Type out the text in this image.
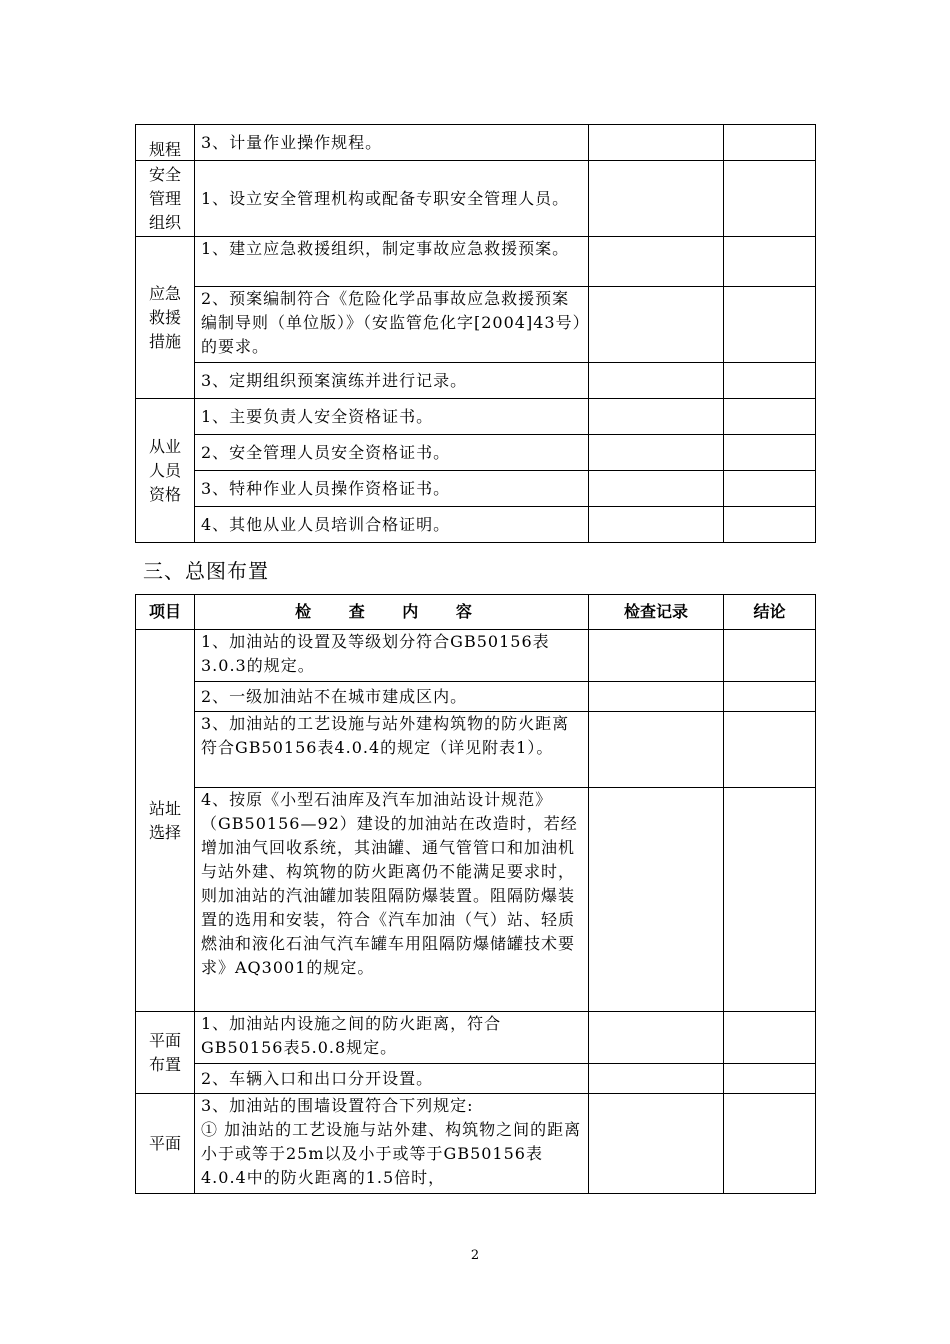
规程	3、计量作业操作规程。		

安全
管理
组织	1、设立安全管理机构或配备专职安全管理人员。		

应急
救援
措施	1、建立应急救援组织，制定事故应急救援预案。		
	2、预案编制符合《危险化学品事故应急救援预案编制导则（单位版）》（安监管危化字[2004]43号）的要求。		
	3、定期组织预案演练并进行记录。		

从业
人员
资格	1、主要负责人安全资格证书。		
	2、安全管理人员安全资格证书。		
	3、特种作业人员操作资格证书。		
	4、其他从业人员培训合格证明。		
三、总图布置
项目	检 查 内 容	检查记录	结论

站址
选择	1、加油站的设置及等级划分符合GB50156表3.0.3的规定。		
	2、一级加油站不在城市建成区内。		
	3、加油站的工艺设施与站外建构筑物的防火距离符合GB50156表4.0.4的规定（详见附表1）。		
	4、按原《小型石油库及汽车加油站设计规范》（GB50156—92）建设的加油站在改造时，若经增加油气回收系统，其油罐、通气管管口和加油机与站外建、构筑物的防火距离仍不能满足要求时，则加油站的汽油罐加装阻隔防爆装置。阻隔防爆装置的选用和安装，符合《汽车加油（气）站、轻质燃油和液化石油气汽车罐车用阻隔防爆储罐技术要求》AQ3001的规定。		

平面
布置	1、加油站内设施之间的防火距离，符合GB50156表5.0.8规定。		
	2、车辆入口和出口分开设置。		
平面	3、加油站的围墙设置符合下列规定:
① 加油站的工艺设施与站外建、构筑物之间的距离小于或等于25m以及小于或等于GB50156表4.0.4中的防火距离的1.5倍时，		

2
